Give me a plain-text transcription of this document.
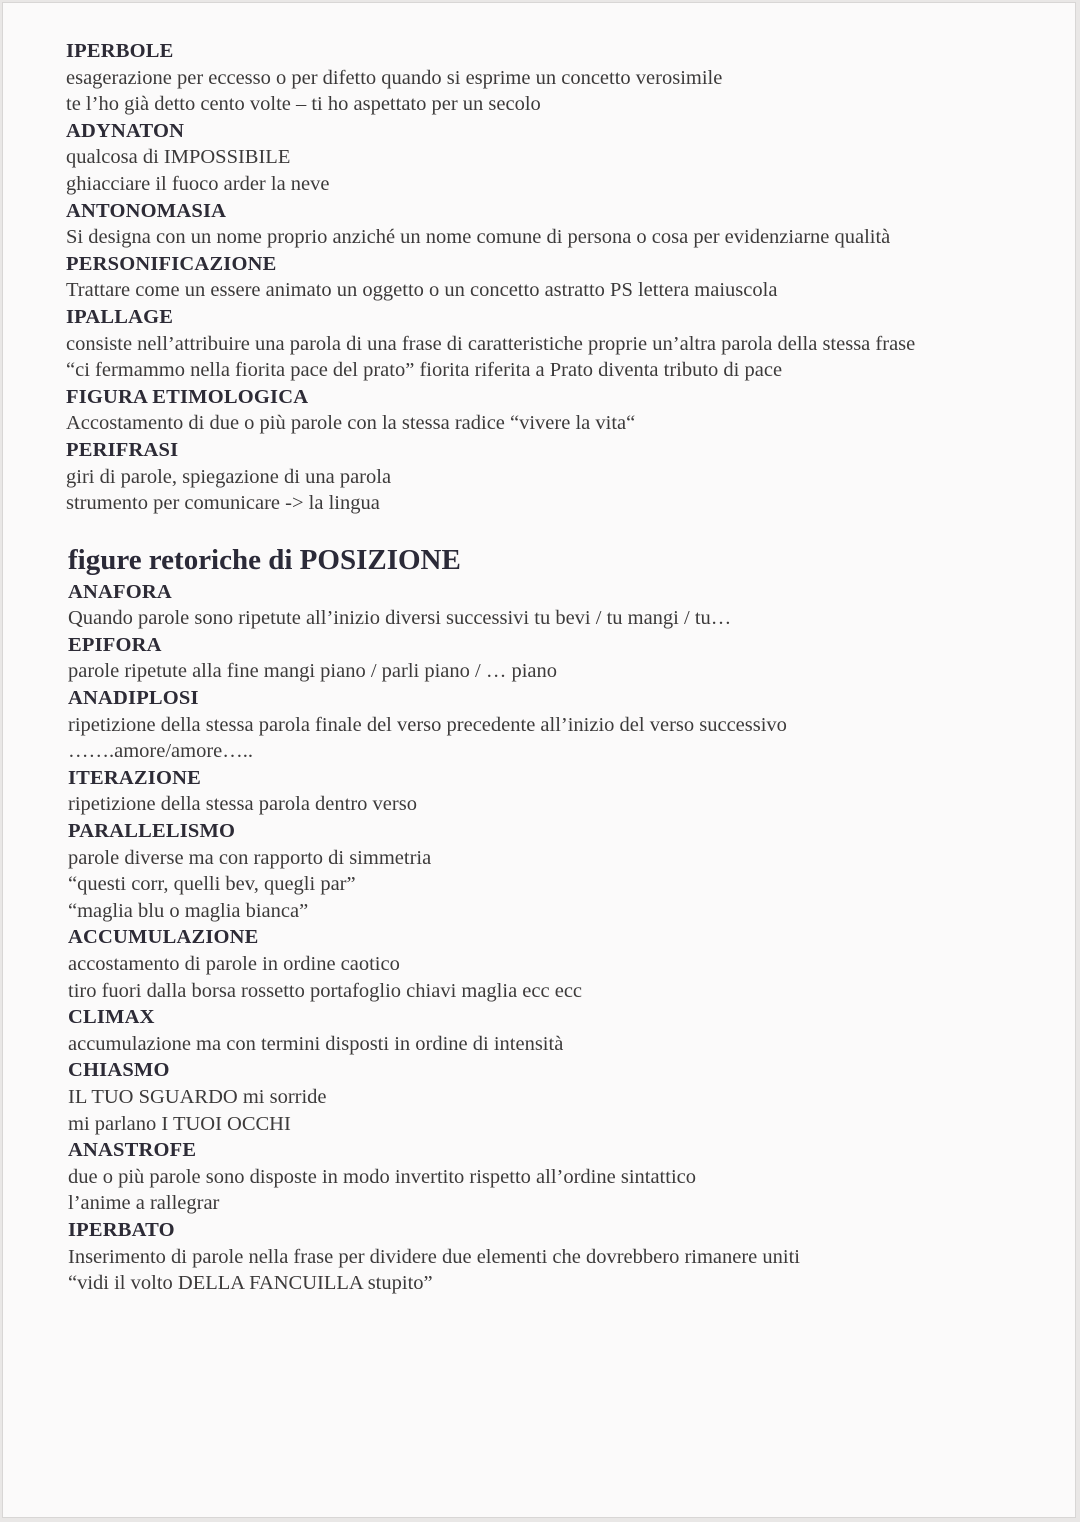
IPERBOLE
esagerazione per eccesso o per difetto quando si esprime un concetto verosimile
te l’ho già detto cento volte – ti ho aspettato per un secolo
ADYNATON
qualcosa di IMPOSSIBILE
ghiacciare il fuoco arder la neve
ANTONOMASIA
Si designa con un nome proprio anziché un nome comune di persona o cosa per evidenziarne qualità
PERSONIFICAZIONE
Trattare come un essere animato un oggetto o un concetto astratto PS lettera maiuscola
IPALLAGE
consiste nell’attribuire una parola di una frase di caratteristiche proprie un’altra parola della stessa frase
“ci fermammo nella fiorita pace del prato” fiorita riferita a Prato diventa tributo di pace
FIGURA ETIMOLOGICA
Accostamento di due o più parole con la stessa radice “vivere la vita“
PERIFRASI
giri di parole, spiegazione di una parola
strumento per comunicare -> la lingua
figure retoriche di POSIZIONE
ANAFORA
Quando parole sono ripetute all’inizio diversi successivi tu bevi / tu mangi / tu…
EPIFORA
parole ripetute alla fine mangi piano / parli piano / … piano
ANADIPLOSI
ripetizione della stessa parola finale del verso precedente all’inizio del verso successivo
…….amore/amore…..
ITERAZIONE
ripetizione della stessa parola dentro verso
PARALLELISMO
parole diverse ma con rapporto di simmetria
“questi corr, quelli bev, quegli par”
“maglia blu o maglia bianca”
ACCUMULAZIONE
accostamento di parole in ordine caotico
tiro fuori dalla borsa rossetto portafoglio chiavi maglia ecc ecc
CLIMAX
accumulazione ma con termini disposti in ordine di intensità
CHIASMO
IL TUO SGUARDO mi sorride
mi parlano I TUOI OCCHI
ANASTROFE
due o più parole sono disposte in modo invertito rispetto all’ordine sintattico
l’anime a rallegrar
IPERBATO
Inserimento di parole nella frase per dividere due elementi che dovrebbero rimanere uniti
“vidi il volto DELLA FANCUILLA stupito”
